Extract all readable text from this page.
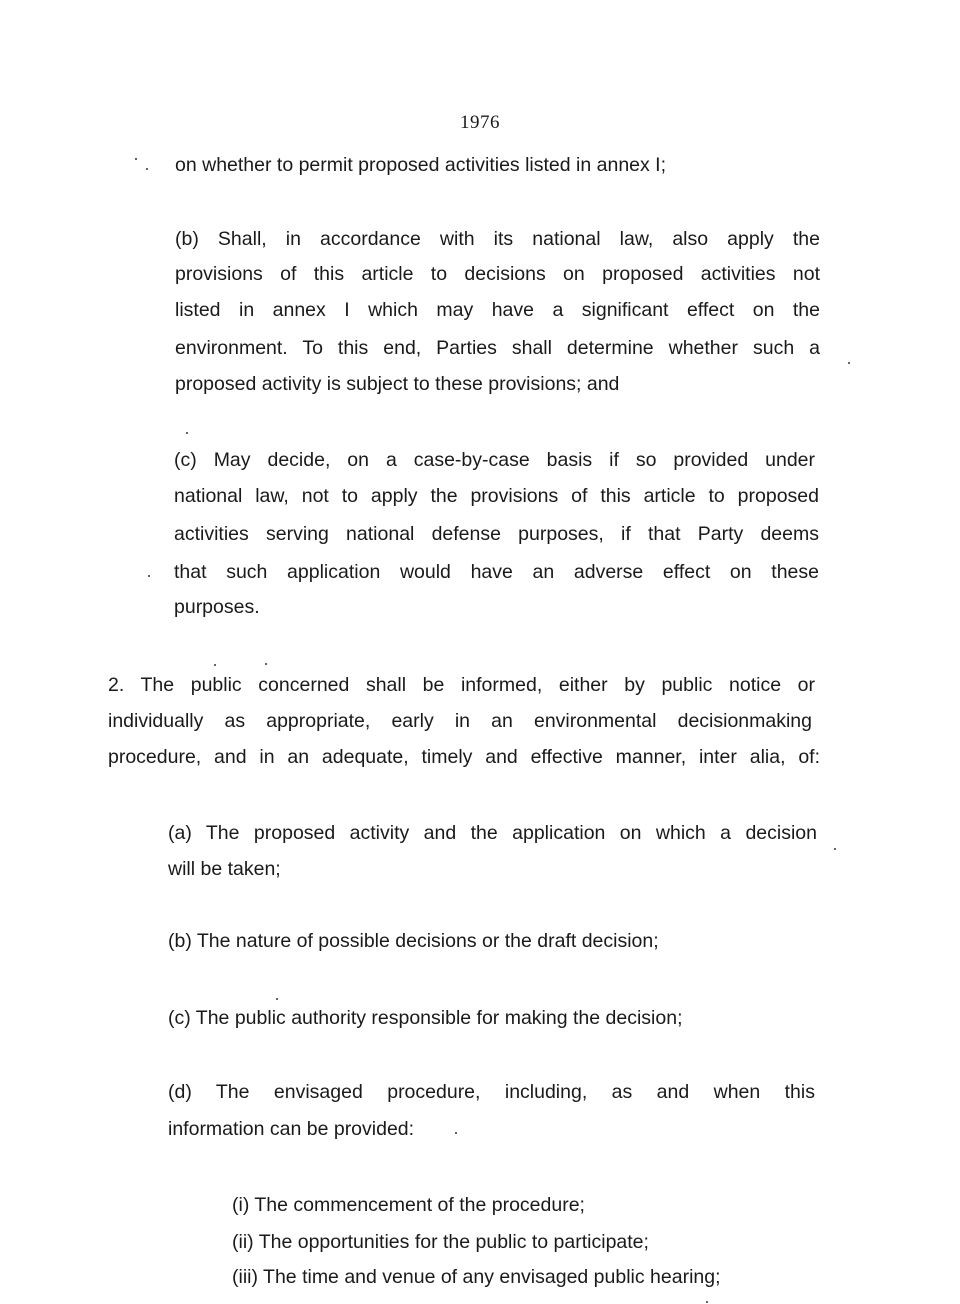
1976
on whether to permit proposed activities listed in annex I;
(b) Shall, in accordance with its national law, also apply the
provisions of this article to decisions on proposed activities not
listed in annex I which may have a significant effect on the
environment. To this end, Parties shall determine whether such a
proposed activity is subject to these provisions; and
(c) May decide, on a case-by-case basis if so provided under
national law, not to apply the provisions of this article to proposed
activities serving national defense purposes, if that Party deems
that such application would have an adverse effect on these
purposes.
2. The public concerned shall be informed, either by public notice or
individually as appropriate, early in an environmental decisionmaking
procedure, and in an adequate, timely and effective manner, inter alia, of:
(a) The proposed activity and the application on which a decision
will be taken;
(b) The nature of possible decisions or the draft decision;
(c) The public authority responsible for making the decision;
(d) The envisaged procedure, including, as and when this
information can be provided:
(i) The commencement of the procedure;
(ii) The opportunities for the public to participate;
(iii) The time and venue of any envisaged public hearing;
